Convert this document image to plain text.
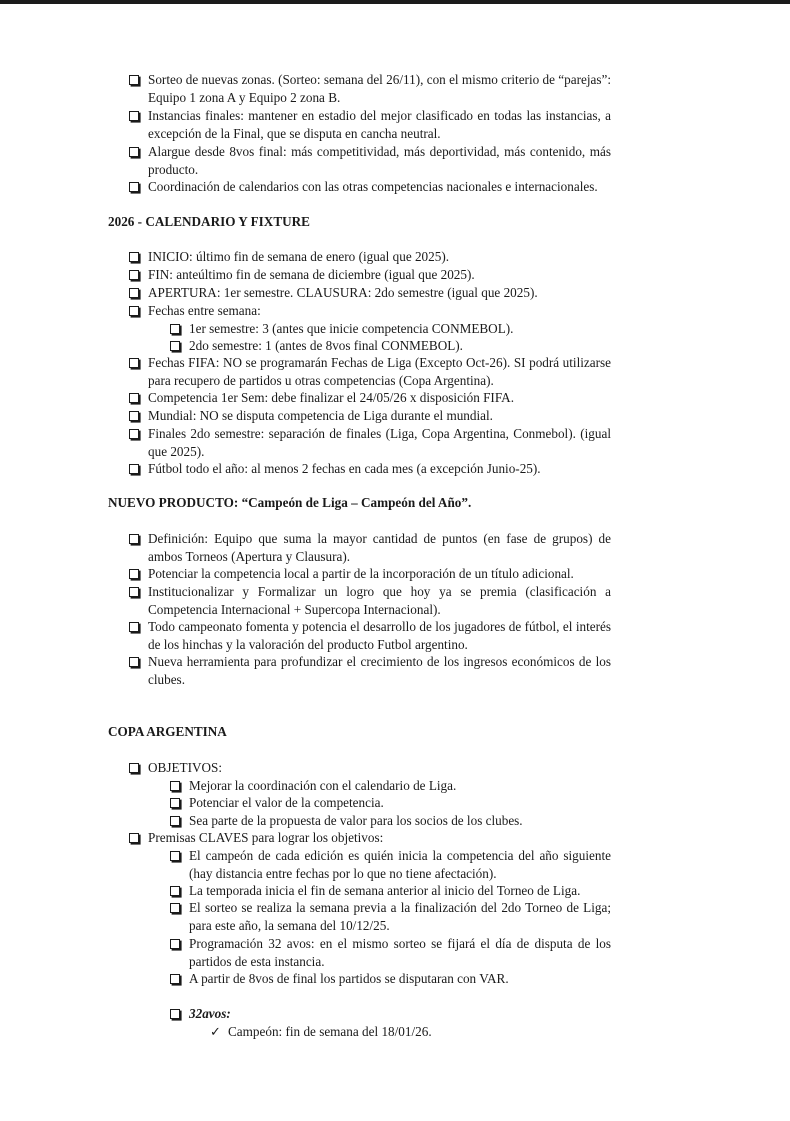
Sorteo de nuevas zonas. (Sorteo: semana del 26/11), con el mismo criterio de “parejas”: Equipo 1 zona A y Equipo 2 zona B.
Instancias finales: mantener en estadio del mejor clasificado en todas las instancias, a excepción de la Final, que se disputa en cancha neutral.
Alargue desde 8vos final: más competitividad, más deportividad, más contenido, más producto.
Coordinación de calendarios con las otras competencias nacionales e internacionales.
2026 - CALENDARIO Y FIXTURE
INICIO: último fin de semana de enero (igual que 2025).
FIN: anteúltimo fin de semana de diciembre (igual que 2025).
APERTURA: 1er semestre. CLAUSURA: 2do semestre (igual que 2025).
Fechas entre semana:
1er semestre: 3 (antes que inicie competencia CONMEBOL).
2do semestre: 1 (antes de 8vos final CONMEBOL).
Fechas FIFA: NO se programarán Fechas de Liga (Excepto Oct-26). SI podrá utilizarse para recupero de partidos u otras competencias (Copa Argentina).
Competencia 1er Sem: debe finalizar el 24/05/26 x disposición FIFA.
Mundial: NO se disputa competencia de Liga durante el mundial.
Finales 2do semestre: separación de finales (Liga, Copa Argentina, Conmebol). (igual que 2025).
Fútbol todo el año: al menos 2 fechas en cada mes (a excepción Junio-25).
NUEVO PRODUCTO: “Campeón de Liga – Campeón del Año”.
Definición: Equipo que suma la mayor cantidad de puntos (en fase de grupos) de ambos Torneos (Apertura y Clausura).
Potenciar la competencia local a partir de la incorporación de un título adicional.
Institucionalizar y Formalizar un logro que hoy ya se premia (clasificación a Competencia Internacional + Supercopa Internacional).
Todo campeonato fomenta y potencia el desarrollo de los jugadores de fútbol, el interés de los hinchas y la valoración del producto Futbol argentino.
Nueva herramienta para profundizar el crecimiento de los ingresos económicos de los clubes.
COPA ARGENTINA
OBJETIVOS:
Mejorar la coordinación con el calendario de Liga.
Potenciar el valor de la competencia.
Sea parte de la propuesta de valor para los socios de los clubes.
Premisas CLAVES para lograr los objetivos:
El campeón de cada edición es quién inicia la competencia del año siguiente (hay distancia entre fechas por lo que no tiene afectación).
La temporada inicia el fin de semana anterior al inicio del Torneo de Liga.
El sorteo se realiza la semana previa a la finalización del 2do Torneo de Liga; para este año, la semana del 10/12/25.
Programación 32 avos: en el mismo sorteo se fijará el día de disputa de los partidos de esta instancia.
A partir de 8vos de final los partidos se disputaran con VAR.
32avos:
✓ Campeón: fin de semana del 18/01/26.
